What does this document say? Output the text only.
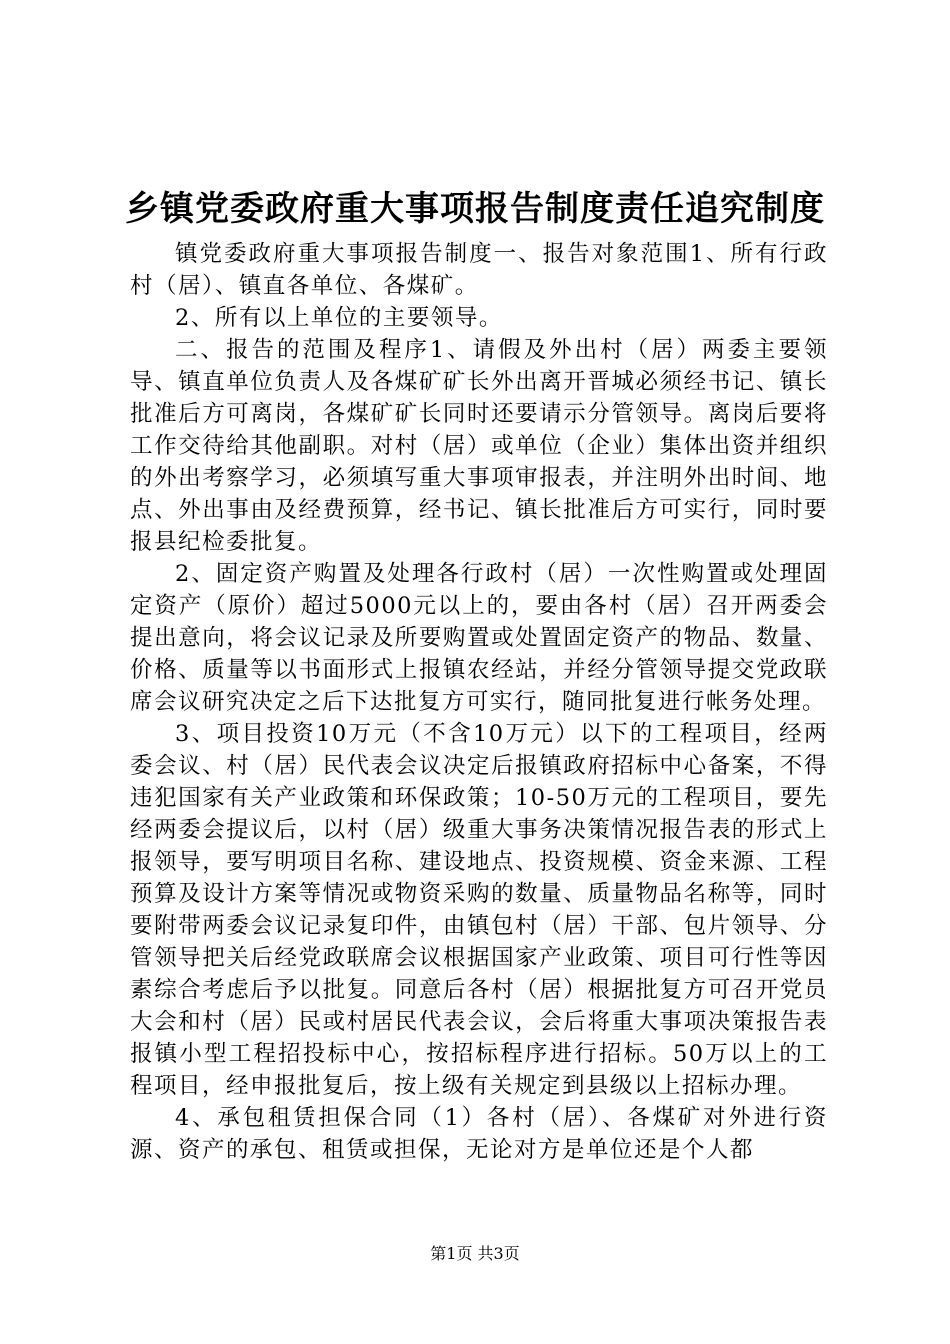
乡镇党委政府重大事项报告制度责任追究制度

镇党委政府重大事项报告制度一、报告对象范围1、所有行政村（居）、镇直各单位、各煤矿。

2、所有以上单位的主要领导。

二、报告的范围及程序1、请假及外出村（居）两委主要领导、镇直单位负责人及各煤矿矿长外出离开晋城必须经书记、镇长批准后方可离岗，各煤矿矿长同时还要请示分管领导。离岗后要将工作交待给其他副职。对村（居）或单位（企业）集体出资并组织的外出考察学习，必须填写重大事项审报表，并注明外出时间、地点、外出事由及经费预算，经书记、镇长批准后方可实行，同时要报县纪检委批复。

2、固定资产购置及处理各行政村（居）一次性购置或处理固定资产（原价）超过5000元以上的，要由各村（居）召开两委会提出意向，将会议记录及所要购置或处置固定资产的物品、数量、价格、质量等以书面形式上报镇农经站，并经分管领导提交党政联席会议研究决定之后下达批复方可实行，随同批复进行帐务处理。

3、项目投资10万元（不含10万元）以下的工程项目，经两委会议、村（居）民代表会议决定后报镇政府招标中心备案，不得违犯国家有关产业政策和环保政策；10-50万元的工程项目，要先经两委会提议后，以村（居）级重大事务决策情况报告表的形式上报领导，要写明项目名称、建设地点、投资规模、资金来源、工程预算及设计方案等情况或物资采购的数量、质量物品名称等，同时要附带两委会议记录复印件，由镇包村（居）干部、包片领导、分管领导把关后经党政联席会议根据国家产业政策、项目可行性等因素综合考虑后予以批复。同意后各村（居）根据批复方可召开党员大会和村（居）民或村居民代表会议，会后将重大事项决策报告表报镇小型工程招投标中心，按招标程序进行招标。50万以上的工程项目，经申报批复后，按上级有关规定到县级以上招标办理。

4、承包租赁担保合同（1）各村（居）、各煤矿对外进行资源、资产的承包、租赁或担保，无论对方是单位还是个人都

第1页 共3页
